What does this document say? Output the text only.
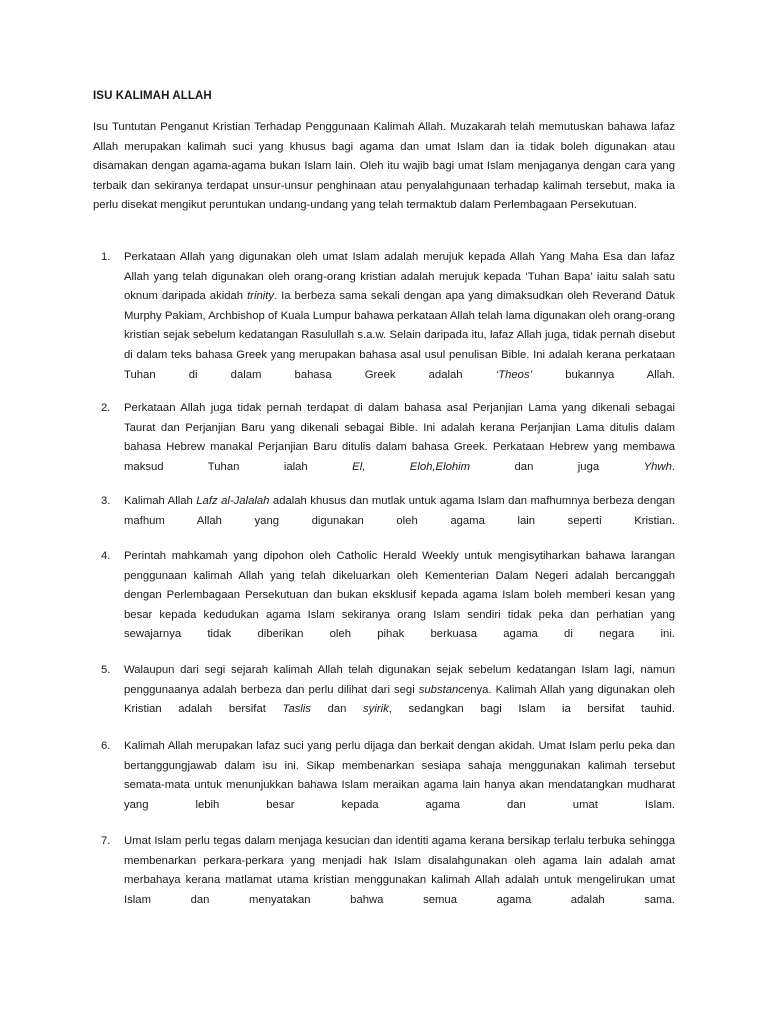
ISU KALIMAH ALLAH

Isu Tuntutan Penganut Kristian Terhadap Penggunaan Kalimah Allah. Muzakarah telah memutuskan bahawa lafaz Allah merupakan kalimah suci yang khusus bagi agama dan umat Islam dan ia tidak boleh digunakan atau disamakan dengan agama-agama bukan Islam lain. Oleh itu wajib bagi umat Islam menjaganya dengan cara yang terbaik dan sekiranya terdapat unsur-unsur penghinaan atau penyalahgunaan terhadap kalimah tersebut, maka ia perlu disekat mengikut peruntukan undang-undang yang telah termaktub dalam Perlembagaan Persekutuan.

1. Perkataan Allah yang digunakan oleh umat Islam adalah merujuk kepada Allah Yang Maha Esa dan lafaz Allah yang telah digunakan oleh orang-orang kristian adalah merujuk kepada ‘Tuhan Bapa’ iaitu salah satu oknum daripada akidah trinity. Ia berbeza sama sekali dengan apa yang dimaksudkan oleh Reverand Datuk Murphy Pakiam, Archbishop of Kuala Lumpur bahawa perkataan Allah telah lama digunakan oleh orang-orang kristian sejak sebelum kedatangan Rasulullah s.a.w. Selain daripada itu, lafaz Allah juga, tidak pernah disebut di dalam teks bahasa Greek yang merupakan bahasa asal usul penulisan Bible. Ini adalah kerana perkataan Tuhan di dalam bahasa Greek adalah ‘Theos’ bukannya Allah.

2. Perkataan Allah juga tidak pernah terdapat di dalam bahasa asal Perjanjian Lama yang dikenali sebagai Taurat dan Perjanjian Baru yang dikenali sebagai Bible. Ini adalah kerana Perjanjian Lama ditulis dalam bahasa Hebrew manakal Perjanjian Baru ditulis dalam bahasa Greek. Perkataan Hebrew yang membawa maksud Tuhan ialah El, Eloh,Elohim dan juga Yhwh.

3. Kalimah Allah Lafz al-Jalalah adalah khusus dan mutlak untuk agama Islam dan mafhumnya berbeza dengan mafhum Allah yang digunakan oleh agama lain seperti Kristian.

4. Perintah mahkamah yang dipohon oleh Catholic Herald Weekly untuk mengisytiharkan bahawa larangan penggunaan kalimah Allah yang telah dikeluarkan oleh Kementerian Dalam Negeri adalah bercanggah dengan Perlembagaan Persekutuan dan bukan eksklusif kepada agama Islam boleh memberi kesan yang besar kepada kedudukan agama Islam sekiranya orang Islam sendiri tidak peka dan perhatian yang sewajarnya tidak diberikan oleh pihak berkuasa agama di negara ini.

5. Walaupun dari segi sejarah kalimah Allah telah digunakan sejak sebelum kedatangan Islam lagi, namun penggunaanya adalah berbeza dan perlu dilihat dari segi substancenya. Kalimah Allah yang digunakan oleh Kristian adalah bersifat Taslis dan syirik, sedangkan bagi Islam ia bersifat tauhid.

6. Kalimah Allah merupakan lafaz suci yang perlu dijaga dan berkait dengan akidah. Umat Islam perlu peka dan bertanggungjawab dalam isu ini. Sikap membenarkan sesiapa sahaja menggunakan kalimah tersebut semata-mata untuk menunjukkan bahawa Islam meraikan agama lain hanya akan mendatangkan mudharat yang lebih besar kepada agama dan umat Islam.

7. Umat Islam perlu tegas dalam menjaga kesucian dan identiti agama kerana bersikap terlalu terbuka sehingga membenarkan perkara-perkara yang menjadi hak Islam disalahgunakan oleh agama lain adalah amat merbahaya kerana matlamat utama kristian menggunakan kalimah Allah adalah untuk mengelirukan umat Islam dan menyatakan bahwa semua agama adalah sama.
